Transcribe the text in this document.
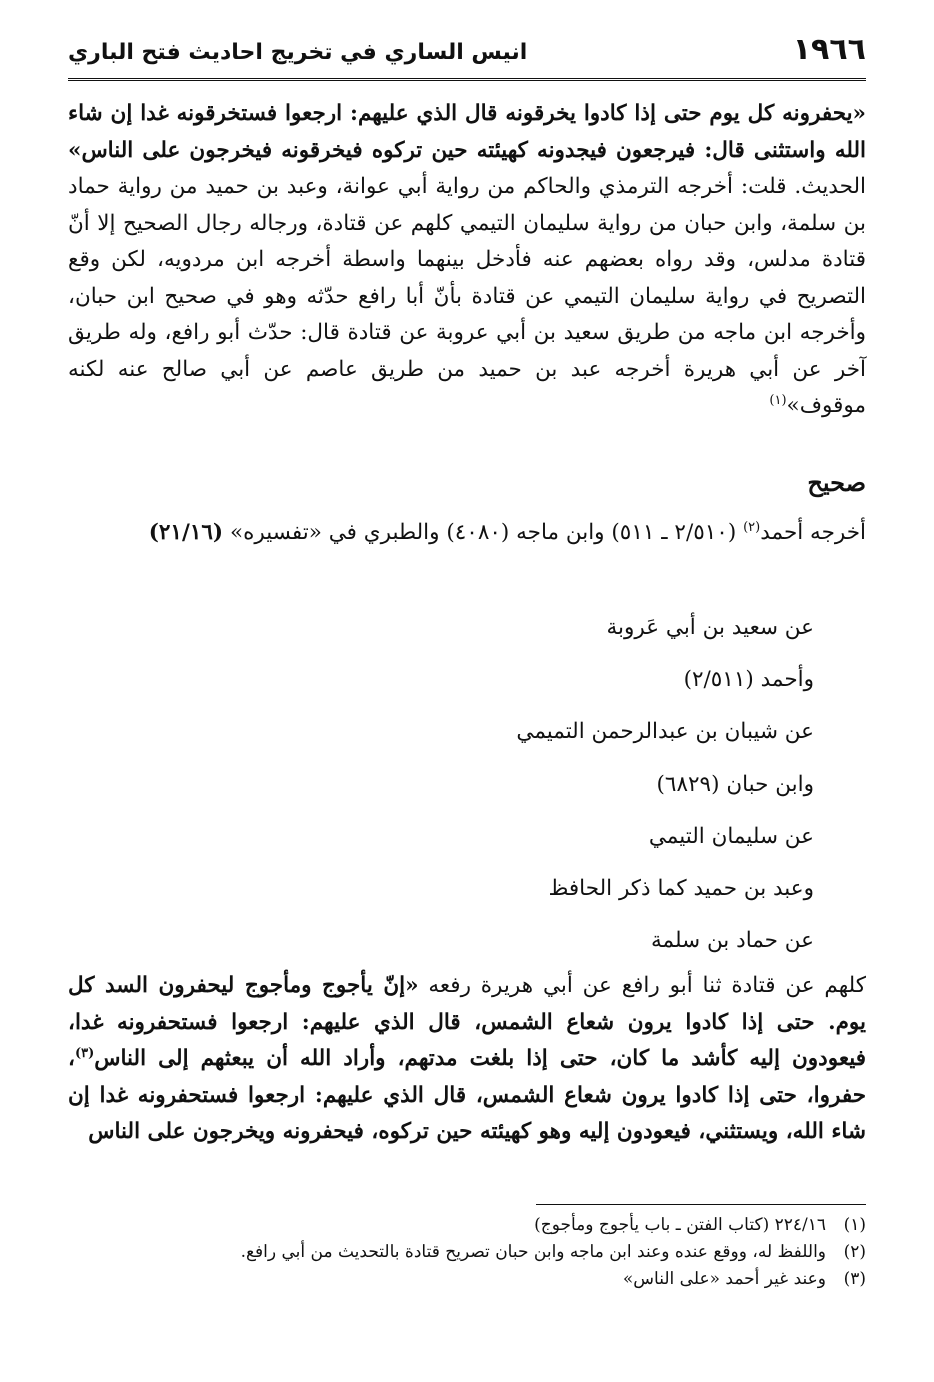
١٩٦٦
انيس الساري في تخريج احاديث فتح الباري

«يحفرونه كل يوم حتى إذا كادوا يخرقونه قال الذي عليهم: ارجعوا فستخرقونه غدا إن شاء الله واستثنى قال: فيرجعون فيجدونه كهيئته حين تركوه فيخرقونه فيخرجون على الناس» الحديث. قلت: أخرجه الترمذي والحاكم من رواية أبي عوانة، وعبد بن حميد من رواية حماد بن سلمة، وابن حبان من رواية سليمان التيمي كلهم عن قتادة، ورجاله رجال الصحيح إلا أنّ قتادة مدلس، وقد رواه بعضهم عنه فأدخل بينهما واسطة أخرجه ابن مردويه، لكن وقع التصريح في رواية سليمان التيمي عن قتادة بأنّ أبا رافع حدّثه وهو في صحيح ابن حبان، وأخرجه ابن ماجه من طريق سعيد بن أبي عروبة عن قتادة قال: حدّث أبو رافع، وله طريق آخر عن أبي هريرة أخرجه عبد بن حميد من طريق عاصم عن أبي صالح عنه لكنه موقوف»$^{(١)}$

صحيح
أخرجه أحمد$^{(٢)}$ (٢/٥١٠ ـ ٥١١) وابن ماجه (٤٠٨٠) والطبري في «تفسيره» (٢١/١٦)
عن سعيد بن أبي عَروبة
وأحمد (٢/٥١١)
عن شيبان بن عبدالرحمن التميمي
وابن حبان (٦٨٢٩)
عن سليمان التيمي
وعبد بن حميد كما ذكر الحافظ
عن حماد بن سلمة
كلهم عن قتادة ثنا أبو رافع عن أبي هريرة رفعه «إنّ يأجوج ومأجوج ليحفرون السد كل يوم. حتى إذا كادوا يرون شعاع الشمس، قال الذي عليهم: ارجعوا فستحفرونه غدا، فيعودون إليه كأشد ما كان، حتى إذا بلغت مدتهم، وأراد الله أن يبعثهم إلى الناس$^{(٣)}$، حفروا، حتى إذا كادوا يرون شعاع الشمس، قال الذي عليهم: ارجعوا فستحفرونه غدا إن شاء الله، ويستثني، فيعودون إليه وهو كهيئته حين تركوه، فيحفرونه ويخرجون على الناس
(١)٢٢٤/١٦ (كتاب الفتن ـ باب يأجوج ومأجوج)
(٢)واللفظ له، ووقع عنده وعند ابن ماجه وابن حبان تصريح قتادة بالتحديث من أبي رافع.
(٣)وعند غير أحمد «على الناس»
